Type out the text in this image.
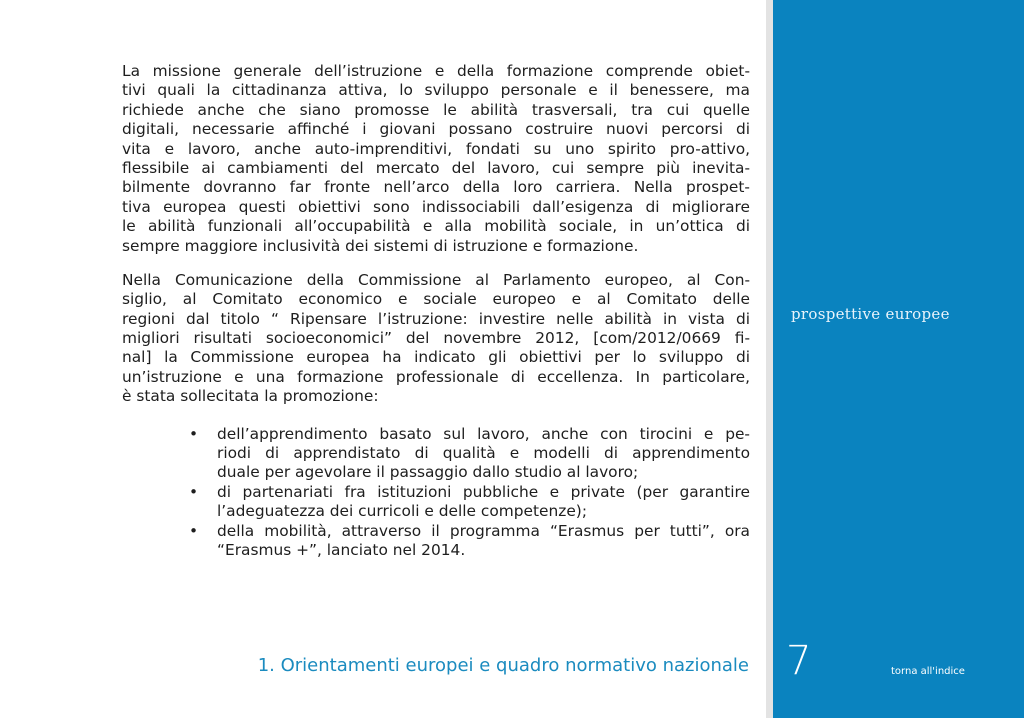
La missione generale dell’istruzione e della formazione comprende obiet-
tivi quali la cittadinanza attiva, lo sviluppo personale e il benessere, ma
richiede anche che siano promosse le abilità trasversali, tra cui quelle
digitali, necessarie affinché i giovani possano costruire nuovi percorsi di
vita e lavoro, anche auto-imprenditivi, fondati su uno spirito pro-attivo,
flessibile ai cambiamenti del mercato del lavoro, cui sempre più inevita-
bilmente dovranno far fronte nell’arco della loro carriera. Nella prospet-
tiva europea questi obiettivi sono indissociabili dall’esigenza di migliorare
le abilità funzionali all’occupabilità e alla mobilità sociale, in un’ottica di
sempre maggiore inclusività dei sistemi di istruzione e formazione.
Nella Comunicazione della Commissione al Parlamento europeo, al Con-
siglio, al Comitato economico e sociale europeo e al Comitato delle
regioni dal titolo “ Ripensare l’istruzione: investire nelle abilità in vista di
migliori risultati socioeconomici” del novembre 2012, [com/2012/0669 fi-
nal] la Commissione europea ha indicato gli obiettivi per lo sviluppo di
un’istruzione e una formazione professionale di eccellenza. In particolare,
è stata sollecitata la promozione:
• dell’apprendimento basato sul lavoro, anche con tirocini e pe-
riodi di apprendistato di qualità e modelli di apprendimento
duale per agevolare il passaggio dallo studio al lavoro;
• di partenariati fra istituzioni pubbliche e private (per garantire
l’adeguatezza dei curricoli e delle competenze);
• della mobilità, attraverso il programma “Erasmus per tutti”, ora
“Erasmus +”, lanciato nel 2014.
1. Orientamenti europei e quadro normativo nazionale
prospettive europee
7	torna all'indice
